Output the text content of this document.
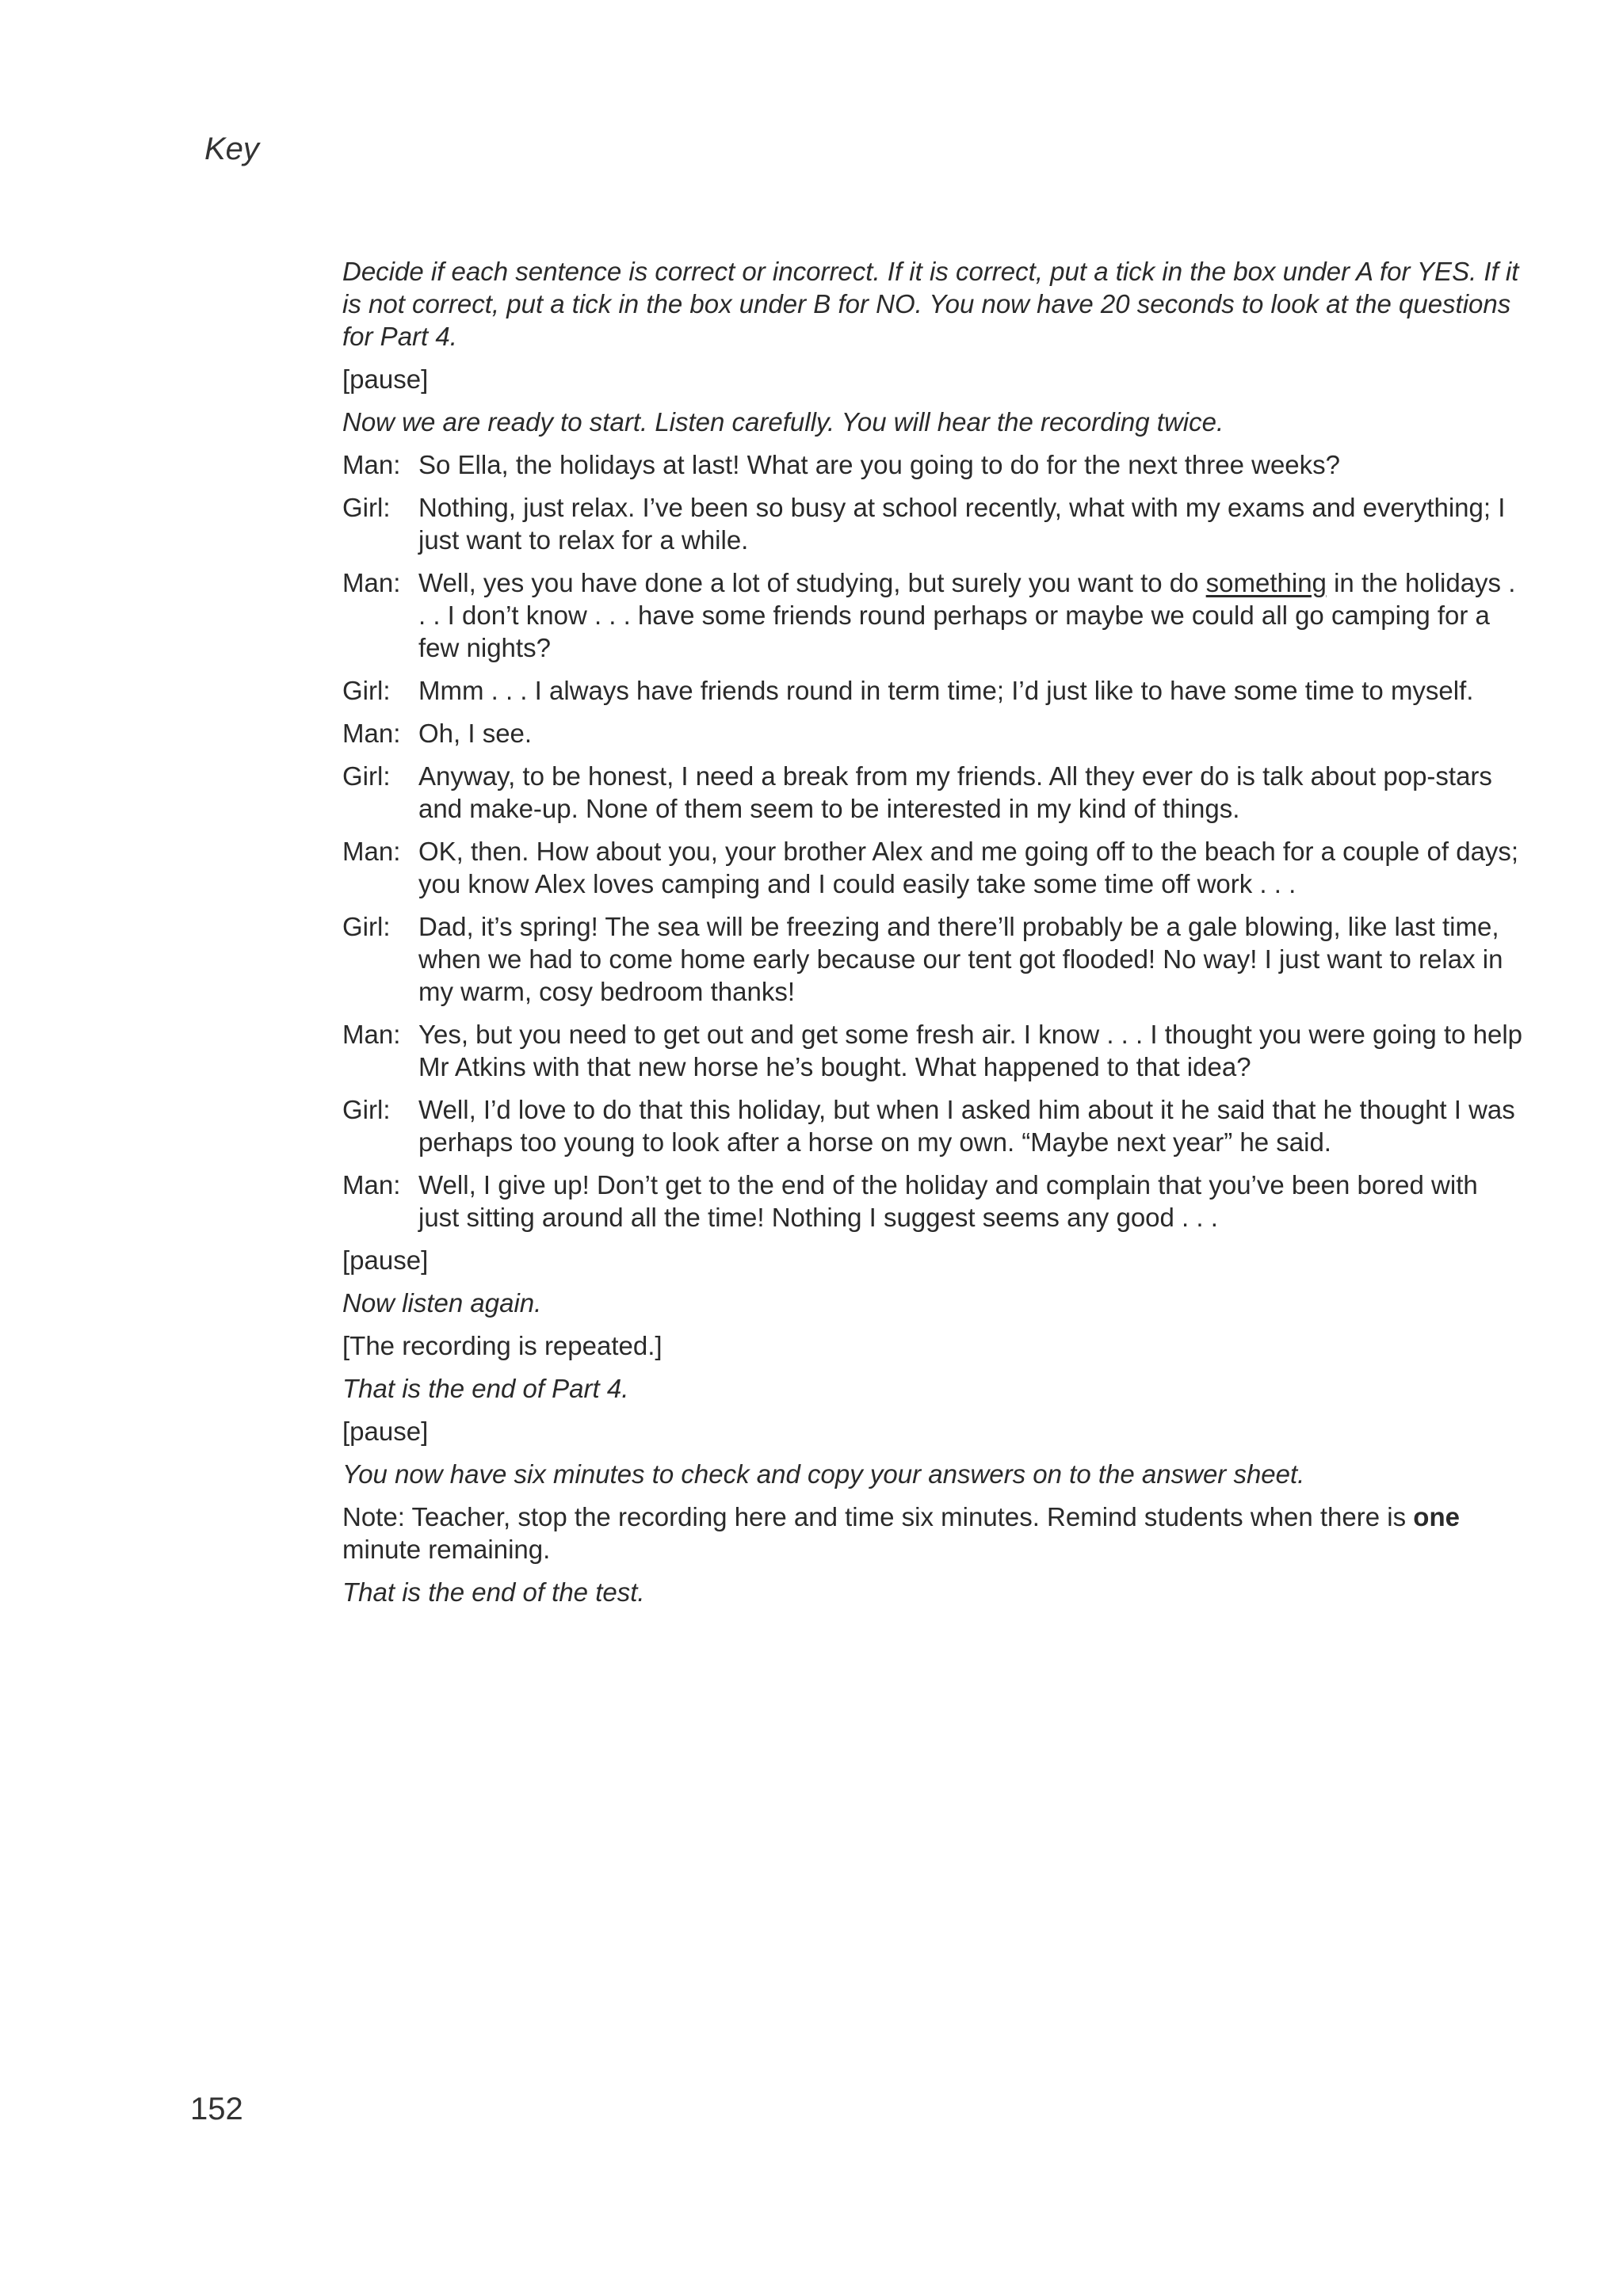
Key
Decide if each sentence is correct or incorrect. If it is correct, put a tick in the box under A for YES. If it is not correct, put a tick in the box under B for NO. You now have 20 seconds to look at the questions for Part 4.
[pause]
Now we are ready to start. Listen carefully. You will hear the recording twice.
Man: So Ella, the holidays at last! What are you going to do for the next three weeks?
Girl:	Nothing, just relax. I’ve been so busy at school recently, what with my exams and everything; I just want to relax for a while.
Man: Well, yes you have done a lot of studying, but surely you want to do something in the holidays . . . I don’t know . . . have some friends round perhaps or maybe we could all go camping for a few nights?
Girl:	Mmm . . . I always have friends round in term time; I’d just like to have some time to myself.
Man: Oh, I see.
Girl:	Anyway, to be honest, I need a break from my friends. All they ever do is talk about pop-stars and make-up. None of them seem to be interested in my kind of things.
Man: OK, then. How about you, your brother Alex and me going off to the beach for a couple of days; you know Alex loves camping and I could easily take some time off work . . .
Girl:	Dad, it’s spring! The sea will be freezing and there’ll probably be a gale blowing, like last time, when we had to come home early because our tent got flooded! No way! I just want to relax in my warm, cosy bedroom thanks!
Man: Yes, but you need to get out and get some fresh air. I know . . . I thought you were going to help Mr Atkins with that new horse he’s bought. What happened to that idea?
Girl:	Well, I’d love to do that this holiday, but when I asked him about it he said that he thought I was perhaps too young to look after a horse on my own. “Maybe next year” he said.
Man: Well, I give up! Don’t get to the end of the holiday and complain that you’ve been bored with just sitting around all the time! Nothing I suggest seems any good . . .
[pause]
Now listen again.
[The recording is repeated.]
That is the end of Part 4.
[pause]
You now have six minutes to check and copy your answers on to the answer sheet.
Note: Teacher, stop the recording here and time six minutes. Remind students when there is one minute remaining.
That is the end of the test.
152
